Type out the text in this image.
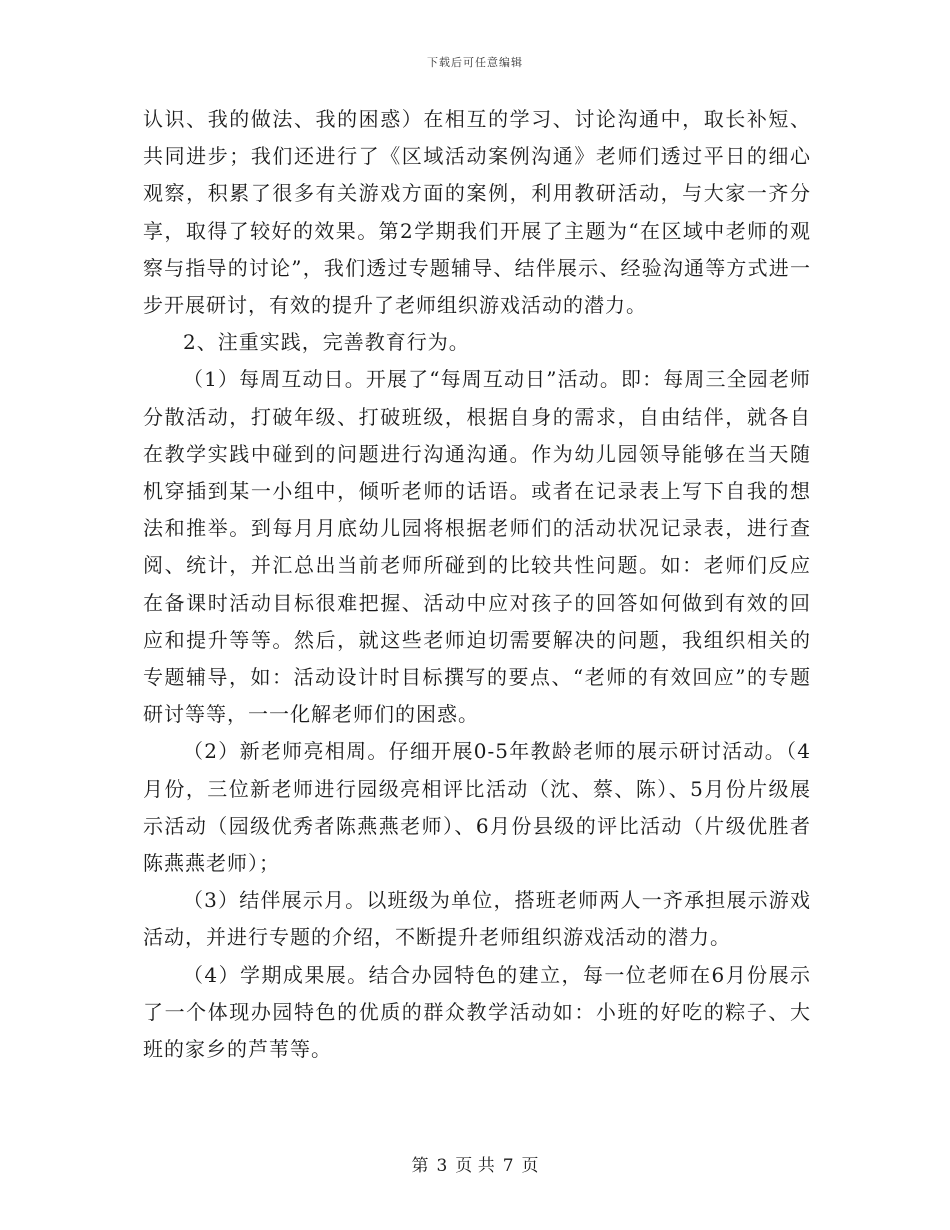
下载后可任意编辑

认识、我的做法、我的困惑）在相互的学习、讨论沟通中，取长补短、共同进步；我们还进行了《区域活动案例沟通》老师们透过平日的细心观察，积累了很多有关游戏方面的案例，利用教研活动，与大家一齐分享，取得了较好的效果。第2学期我们开展了主题为“在区域中老师的观察与指导的讨论”，我们透过专题辅导、结伴展示、经验沟通等方式进一步开展研讨，有效的提升了老师组织游戏活动的潜力。

2、注重实践，完善教育行为。

（1）每周互动日。开展了“每周互动日”活动。即：每周三全园老师分散活动，打破年级、打破班级，根据自身的需求，自由结伴，就各自在教学实践中碰到的问题进行沟通沟通。作为幼儿园领导能够在当天随机穿插到某一小组中，倾听老师的话语。或者在记录表上写下自我的想法和推举。到每月月底幼儿园将根据老师们的活动状况记录表，进行查阅、统计，并汇总出当前老师所碰到的比较共性问题。如：老师们反应在备课时活动目标很难把握、活动中应对孩子的回答如何做到有效的回应和提升等等。然后，就这些老师迫切需要解决的问题，我组织相关的专题辅导，如：活动设计时目标撰写的要点、“老师的有效回应”的专题研讨等等，一一化解老师们的困惑。

（2）新老师亮相周。仔细开展0-5年教龄老师的展示研讨活动。（4月份，三位新老师进行园级亮相评比活动（沈、蔡、陈）、5月份片级展示活动（园级优秀者陈燕燕老师）、6月份县级的评比活动（片级优胜者陈燕燕老师）；

（3）结伴展示月。以班级为单位，搭班老师两人一齐承担展示游戏活动，并进行专题的介绍，不断提升老师组织游戏活动的潜力。

（4）学期成果展。结合办园特色的建立，每一位老师在6月份展示了一个体现办园特色的优质的群众教学活动如：小班的好吃的粽子、大班的家乡的芦苇等。

第 3 页 共 7 页
